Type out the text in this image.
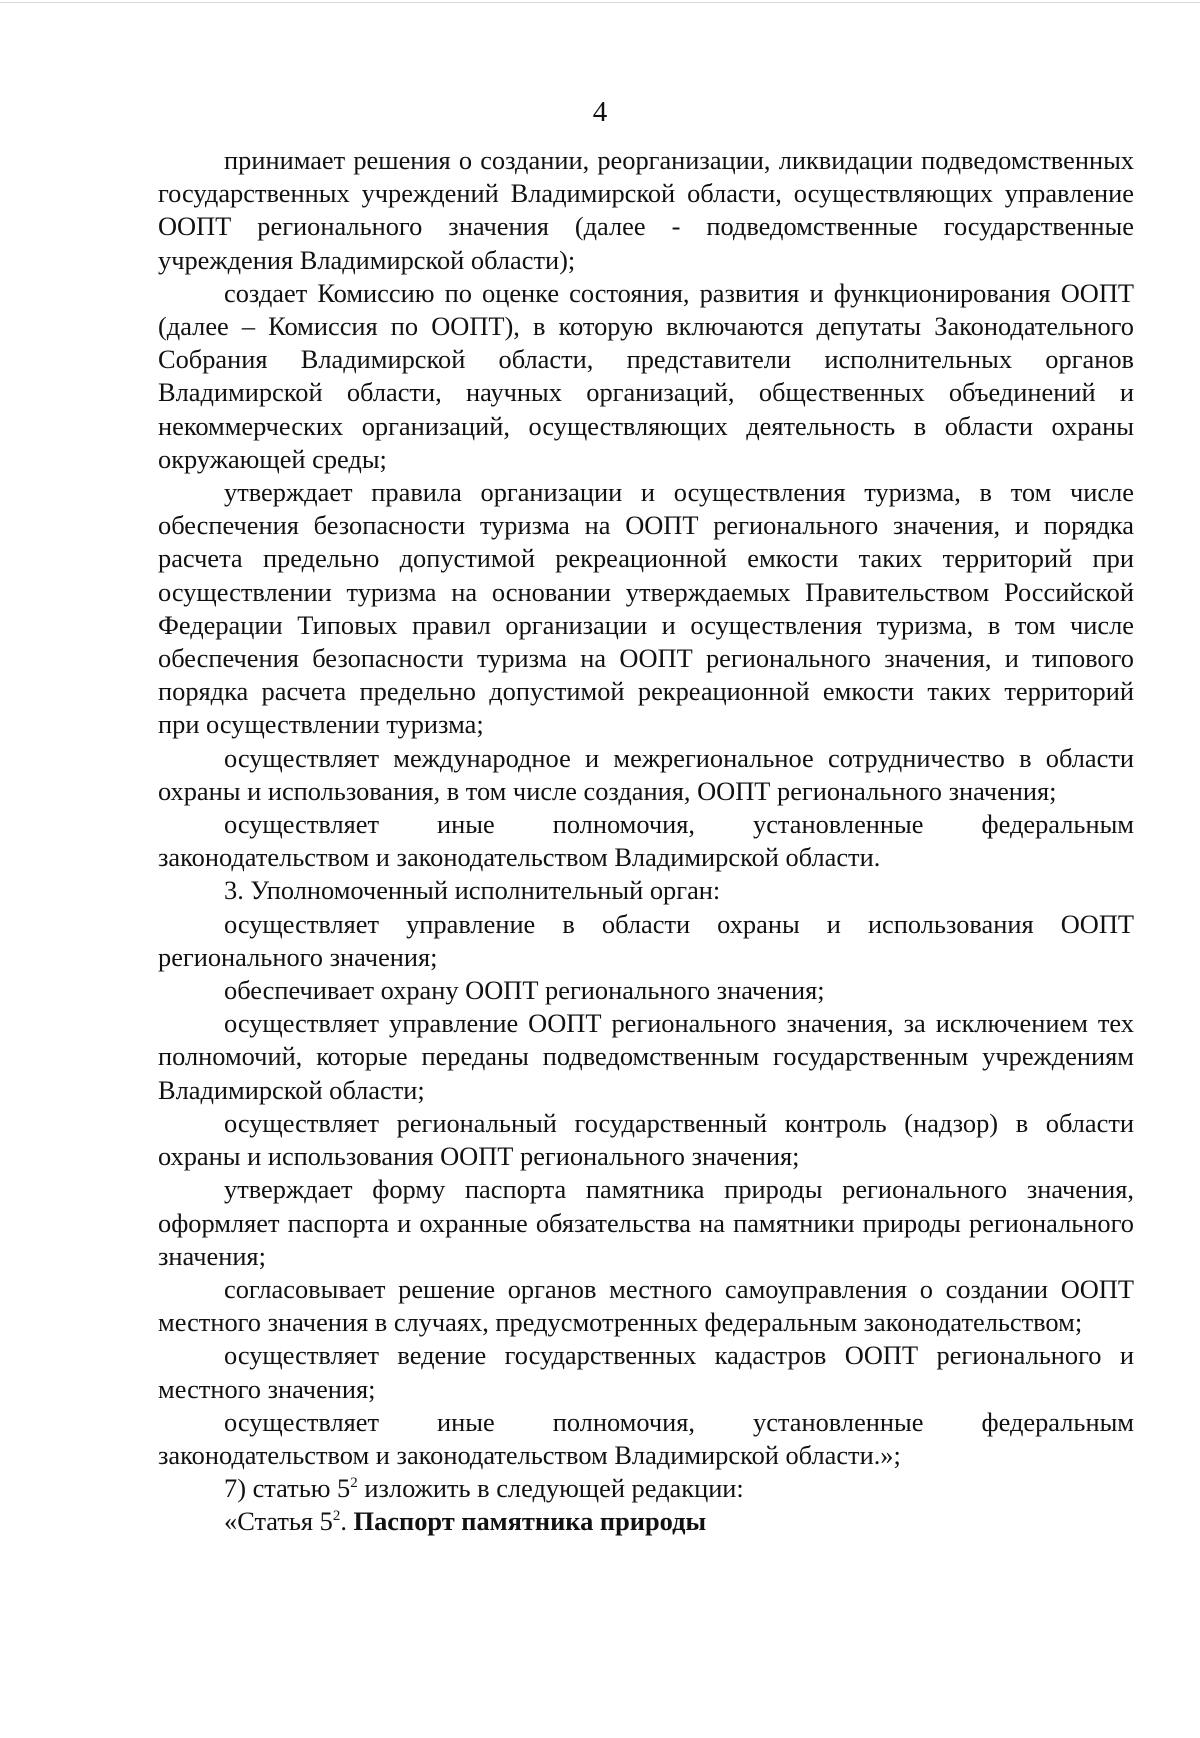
4

принимает решения о создании, реорганизации, ликвидации подведомственных государственных учреждений Владимирской области, осуществляющих управление ООПТ регионального значения (далее - подведомственные государственные учреждения Владимирской области);

создает Комиссию по оценке состояния, развития и функционирования ООПТ (далее – Комиссия по ООПТ), в которую включаются депутаты Законодательного Собрания Владимирской области, представители исполнительных органов Владимирской области, научных организаций, общественных объединений и некоммерческих организаций, осуществляющих деятельность в области охраны окружающей среды;

утверждает правила организации и осуществления туризма, в том числе обеспечения безопасности туризма на ООПТ регионального значения, и порядка расчета предельно допустимой рекреационной емкости таких территорий при осуществлении туризма на основании утверждаемых Правительством Российской Федерации Типовых правил организации и осуществления туризма, в том числе обеспечения безопасности туризма на ООПТ регионального значения, и типового порядка расчета предельно допустимой рекреационной емкости таких территорий при осуществлении туризма;

осуществляет международное и межрегиональное сотрудничество в области охраны и использования, в том числе создания, ООПТ регионального значения;

осуществляет иные полномочия, установленные федеральным законодательством и законодательством Владимирской области.

3. Уполномоченный исполнительный орган:

осуществляет управление в области охраны и использования ООПТ регионального значения;

обеспечивает охрану ООПТ регионального значения;

осуществляет управление ООПТ регионального значения, за исключением тех полномочий, которые переданы подведомственным государственным учреждениям Владимирской области;

осуществляет региональный государственный контроль (надзор) в области охраны и использования ООПТ регионального значения;

утверждает форму паспорта памятника природы регионального значения, оформляет паспорта и охранные обязательства на памятники природы регионального значения;

согласовывает решение органов местного самоуправления о создании ООПТ местного значения в случаях, предусмотренных федеральным законодательством;

осуществляет ведение государственных кадастров ООПТ регионального и местного значения;

осуществляет иные полномочия, установленные федеральным законодательством и законодательством Владимирской области.»;

7) статью $5^2$ изложить в следующей редакции:

«Статья $5^2$. Паспорт памятника природы
